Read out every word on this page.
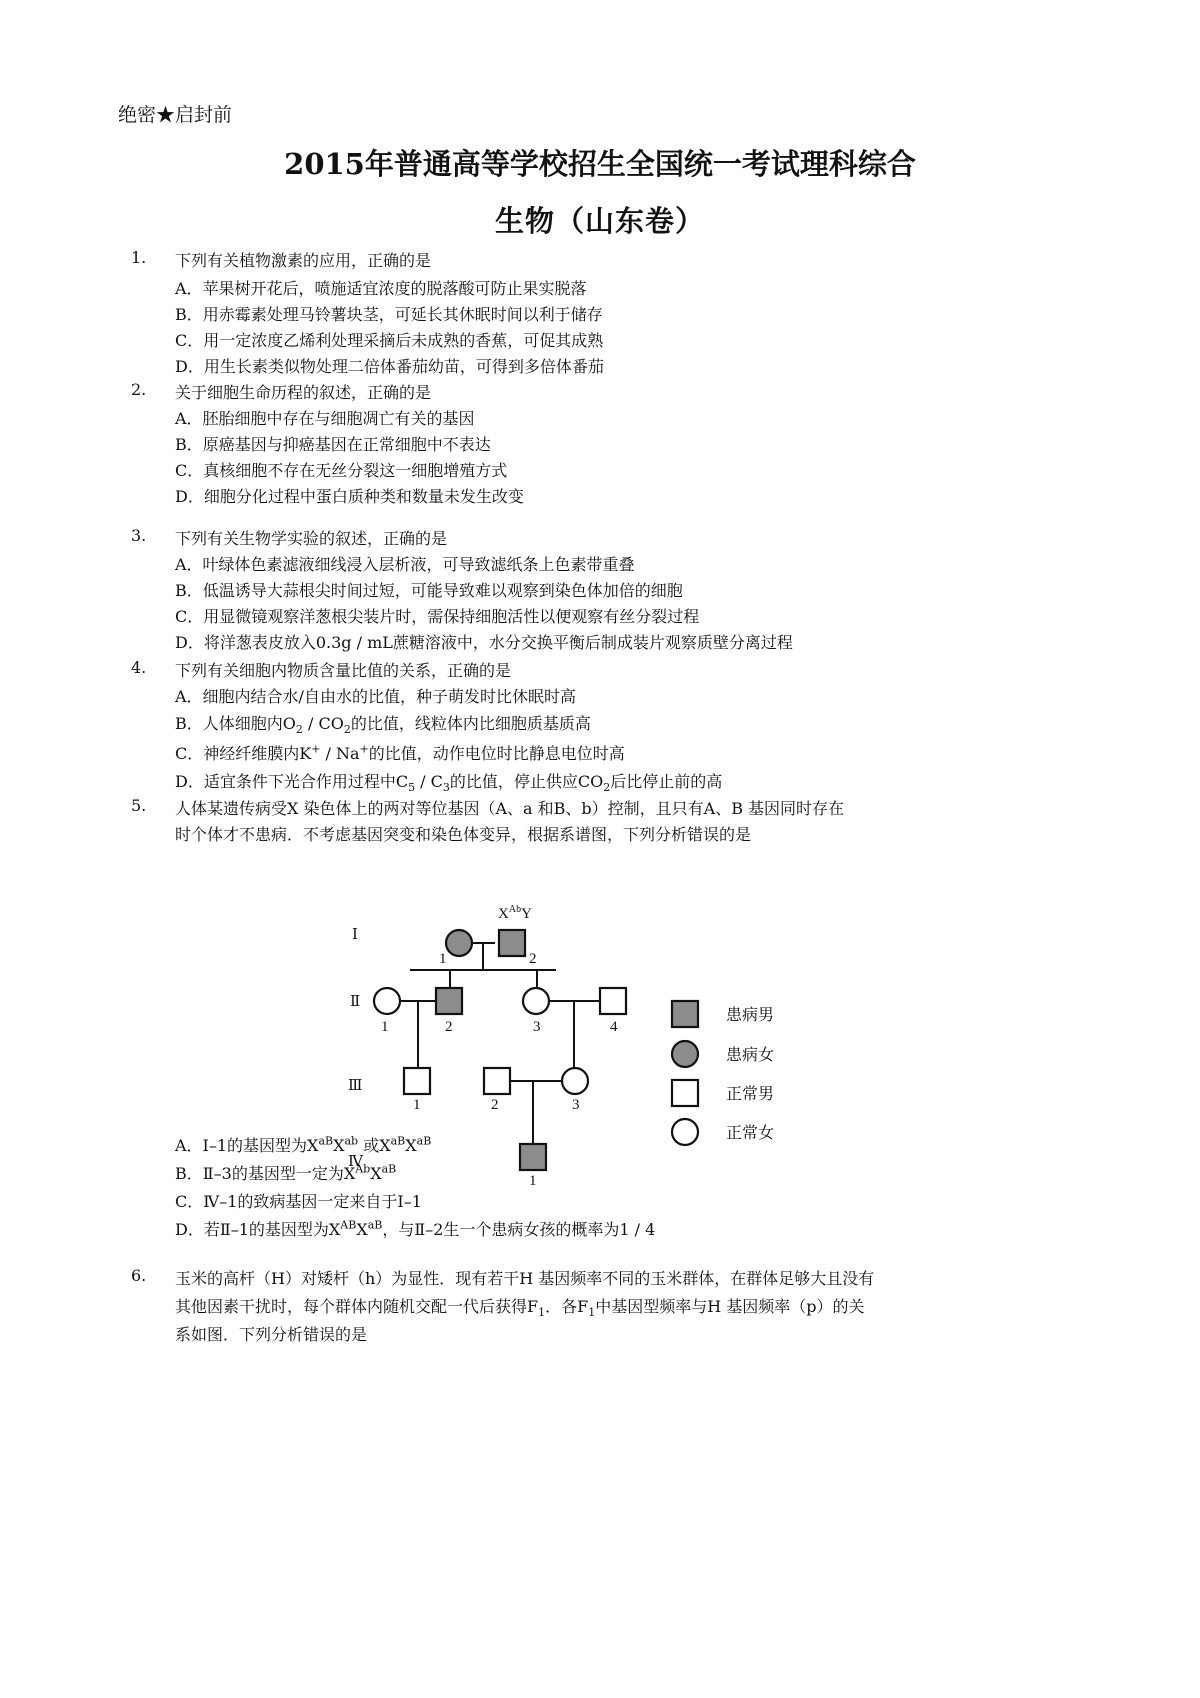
绝密★启封前
2015年普通高等学校招生全国统一考试理科综合
生物（山东卷）
1. 下列有关植物激素的应用，正确的是
A．苹果树开花后，喷施适宜浓度的脱落酸可防止果实脱落
B．用赤霉素处理马铃薯块茎，可延长其休眠时间以利于储存
C．用一定浓度乙烯利处理采摘后未成熟的香蕉，可促其成熟
D．用生长素类似物处理二倍体番茄幼苗，可得到多倍体番茄
2. 关于细胞生命历程的叙述，正确的是
A．胚胎细胞中存在与细胞凋亡有关的基因
B．原癌基因与抑癌基因在正常细胞中不表达
C．真核细胞不存在无丝分裂这一细胞增殖方式
D．细胞分化过程中蛋白质种类和数量未发生改变
3. 下列有关生物学实验的叙述，正确的是
A．叶绿体色素滤液细线浸入层析液，可导致滤纸条上色素带重叠
B．低温诱导大蒜根尖时间过短，可能导致难以观察到染色体加倍的细胞
C．用显微镜观察洋葱根尖装片时，需保持细胞活性以便观察有丝分裂过程
D．将洋葱表皮放入0.3g / mL蔗糖溶液中，水分交换平衡后制成装片观察质壁分离过程
4. 下列有关细胞内物质含量比值的关系，正确的是
A．细胞内结合水/自由水的比值，种子萌发时比休眠时高
B．人体细胞内$O_2 / CO_2$的比值，线粒体内比细胞质基质高
C．神经纤维膜内K+ / Na+的比值，动作电位时比静息电位时高
D．适宜条件下光合作用过程中$C_5 / C_3$的比值，停止供应$CO_2$后比停止前的高
5. 人体某遗传病受X 染色体上的两对等位基因（A、a 和B、b）控制，且只有A、B 基因同时存在
时个体才不患病．不考虑基因突变和染色体变异，根据系谱图，下列分析错误的是
$X^{Ab}Y$
Ⅰ
Ⅱ
Ⅲ
Ⅳ
1	2
1	2	3	4
1	2	3
1
患病男
患病女
正常男
正常女
A．Ⅰ–1的基因型为$X^{aB}X^{ab}$ 或$X^{aB}X^{aB}$
B．Ⅱ–3的基因型一定为$X^{Ab}X^{aB}$
C．Ⅳ–1的致病基因一定来自于Ⅰ–1
D．若Ⅱ–1的基因型为$X^{AB}X^{aB}$，与Ⅱ–2生一个患病女孩的概率为1 / 4
6. 玉米的高杆（H）对矮杆（h）为显性．现有若干H 基因频率不同的玉米群体，在群体足够大且没有
其他因素干扰时，每个群体内随机交配一代后获得$F_1$．各$F_1$中基因型频率与H 基因频率（p）的关
系如图．下列分析错误的是
